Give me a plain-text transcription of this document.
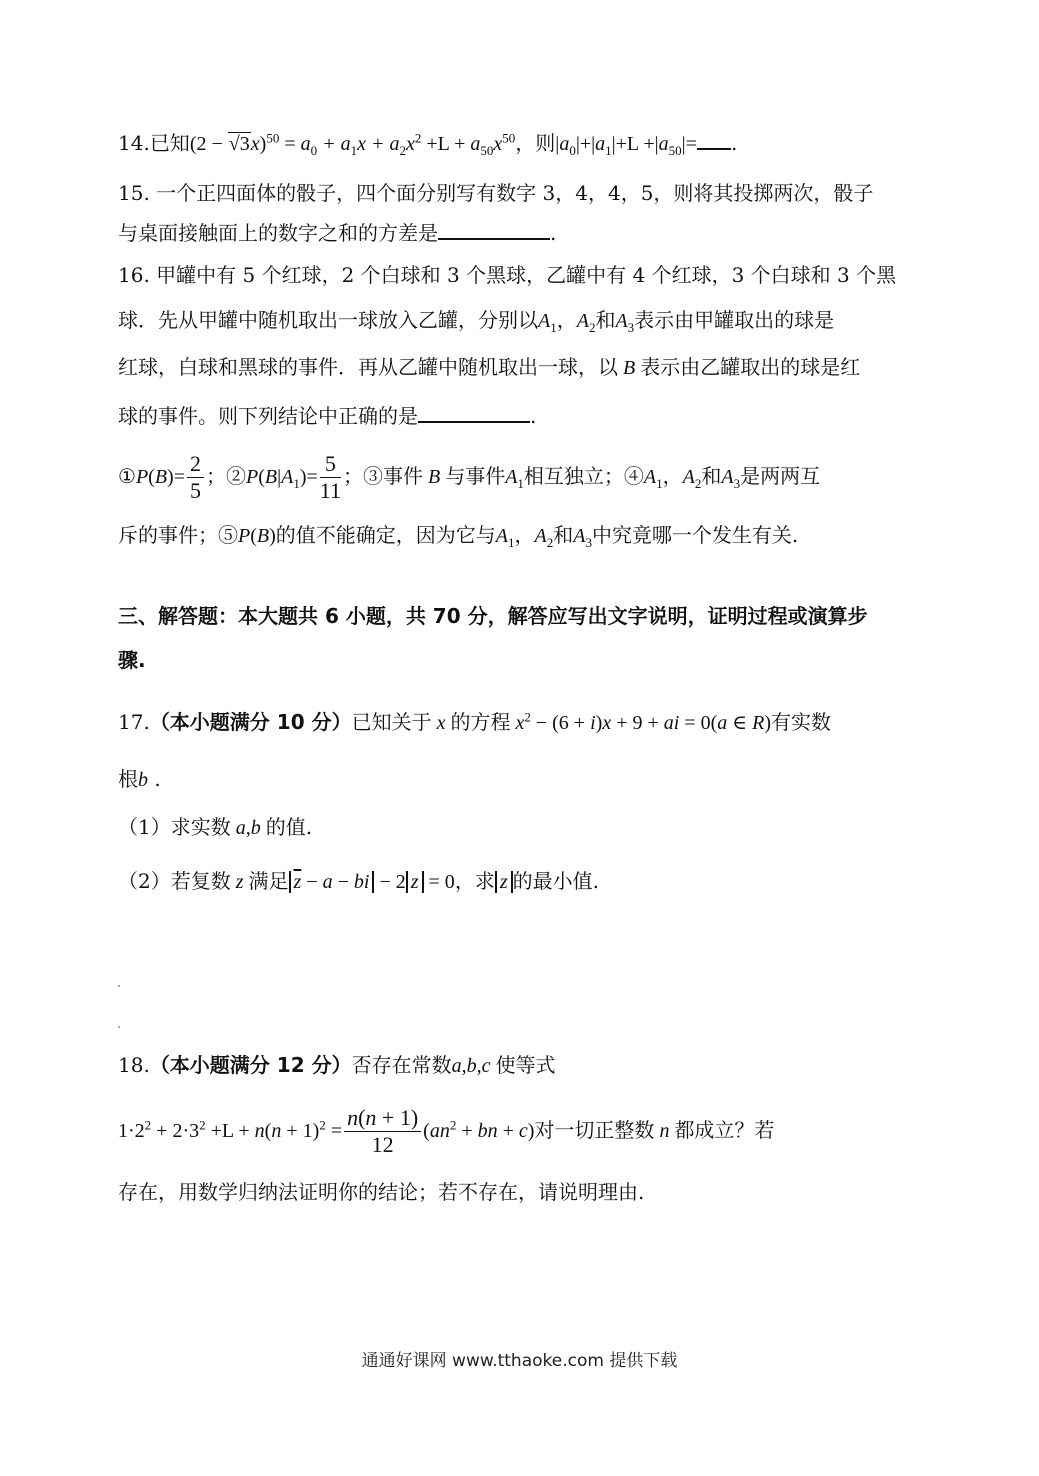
14.已知$(2 - √3x)^{50} = a_0 + a_1x + a_2x^2 +L + a_{50}x^{50}$，则$|a_0|+|a_1|+L +|a_{50}|=$ .
15. 一个正四面体的骰子，四个面分别写有数字 3，4，4，5，则将其投掷两次，骰子
与桌面接触面上的数字之和的方差是	.
16. 甲罐中有 5 个红球，2 个白球和 3 个黑球，乙罐中有 4 个红球，3 个白球和 3 个黑
球．先从甲罐中随机取出一球放入乙罐，分别以$A_1$，$A_2$和$A_3$表示由甲罐取出的球是
红球，白球和黑球的事件．再从乙罐中随机取出一球，以 B 表示由乙罐取出的球是红
球的事件。则下列结论中正确的是	.
①P(B)= $\frac{2}{5}$ ；$②P(B|A_1)= \frac{5}{11}$ ；③事件 B 与事件$A_1$相互独立；$④A_1$，$A_2$和$A_3$是两两互
斥的事件；⑤P(B)的值不能确定，因为它与$A_1$，$A_2$和$A_3$中究竟哪一个发生有关.
三、解答题：本大题共 6 小题，共 70 分，解答应写出文字说明，证明过程或演算步
骤.
17.（本小题满分 10 分）已知关于 x 的方程 $x^2 - (6 + i)x + 9$ + ai = 0(a ∈ R)有实数
根b .
（1）求实数 a,b 的值.
（2）若复数 z 满足 $\overline{z} - a$ − bi − 2 z = 0，求 z 的最小值.
18.（本小题满分 12 分）否存在常数a,b,c 使等式
$1\cdot 2^2 + 2\cdot 3^2 +L + n(n + 1)^2 = \frac{n(n + 1)}{12} (an^2$ + bn + c)对一切正整数 n 都成立？若
存在，用数学归纳法证明你的结论；若不存在，请说明理由.
通通好课网 www.tthaoke.com 提供下载
